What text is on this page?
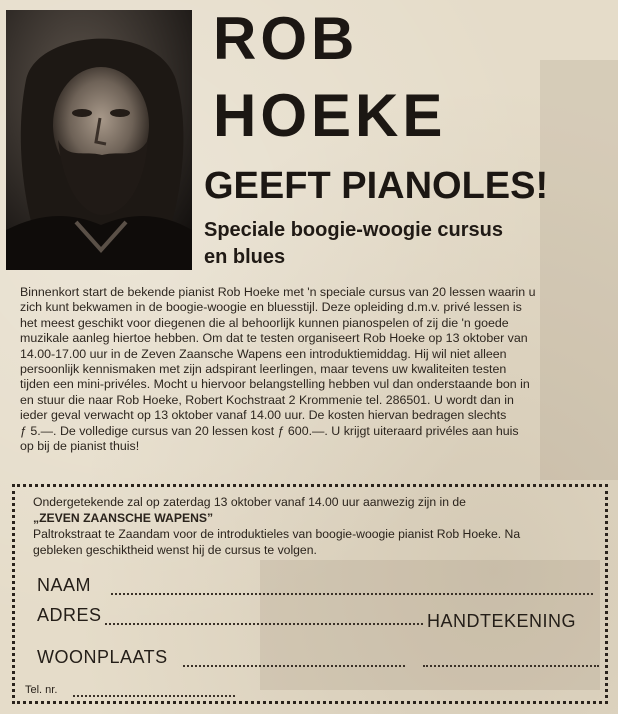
ROB
HOEKE
GEEFT PIANOLES!
Speciale boogie-woogie cursus
en blues
Binnenkort start de bekende pianist Rob Hoeke met 'n speciale cursus van 20 lessen waarin u
zich kunt bekwamen in de boogie-woogie en bluesstijl. Deze opleiding d.m.v. privé lessen is
het meest geschikt voor diegenen die al behoorlijk kunnen pianospelen of zij die 'n goede
muzikale aanleg hiertoe hebben. Om dat te testen organiseert Rob Hoeke op 13 oktober van
14.00-17.00 uur in de Zeven Zaansche Wapens een introduktiemiddag. Hij wil niet alleen
persoonlijk kennismaken met zijn adspirant leerlingen, maar tevens uw kwaliteiten testen
tijden een mini-privéles. Mocht u hiervoor belangstelling hebben vul dan onderstaande bon in
en stuur die naar Rob Hoeke, Robert Kochstraat 2 Krommenie tel. 286501. U wordt dan in
ieder geval verwacht op 13 oktober vanaf 14.00 uur. De kosten hiervan bedragen slechts
ƒ 5.—. De volledige cursus van 20 lessen kost ƒ 600.—. U krijgt uiteraard privéles aan huis
op bij de pianist thuis!
Ondergetekende zal op zaterdag 13 oktober vanaf 14.00 uur aanwezig zijn in de
„ZEVEN ZAANSCHE WAPENS”
Paltrokstraat te Zaandam voor de introduktieles van boogie-woogie pianist Rob Hoeke. Na
gebleken geschiktheid wenst hij de cursus te volgen.
NAAM
ADRES	HANDTEKENING
WOONPLAATS
Tel. nr.
